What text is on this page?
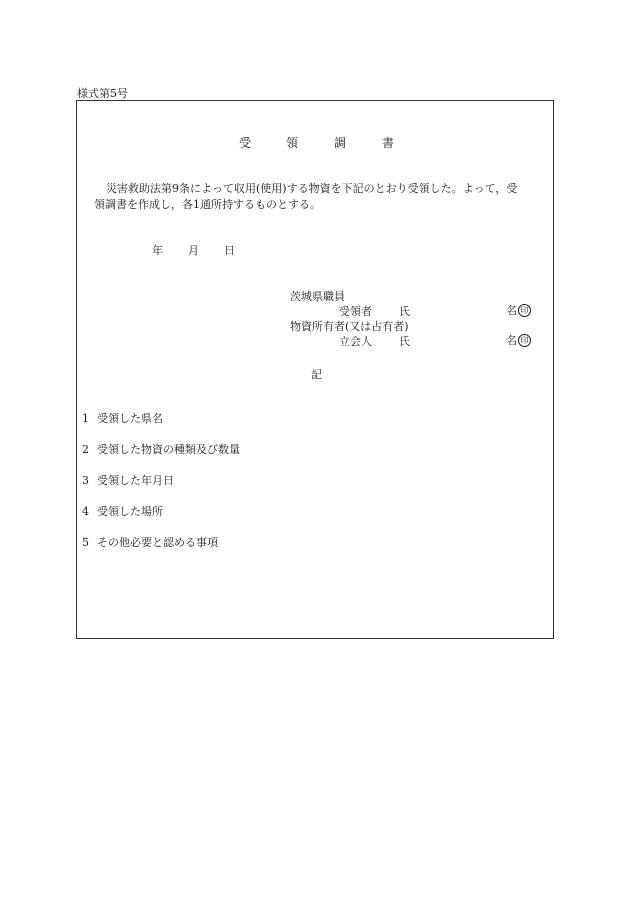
様式第5号
受	領	調	書
災害救助法第9条によって収用(使用)する物資を下記のとおり受領した。よって，受
領調書を作成し，各1通所持するものとする。
年 月 日
茨城県職員
受領者 氏	名 印
物資所有者(又は占有者)
立会人 氏	名 印
記
1 受領した県名
2 受領した物資の種類及び数量
3 受領した年月日
4 受領した場所
5 その他必要と認める事項
